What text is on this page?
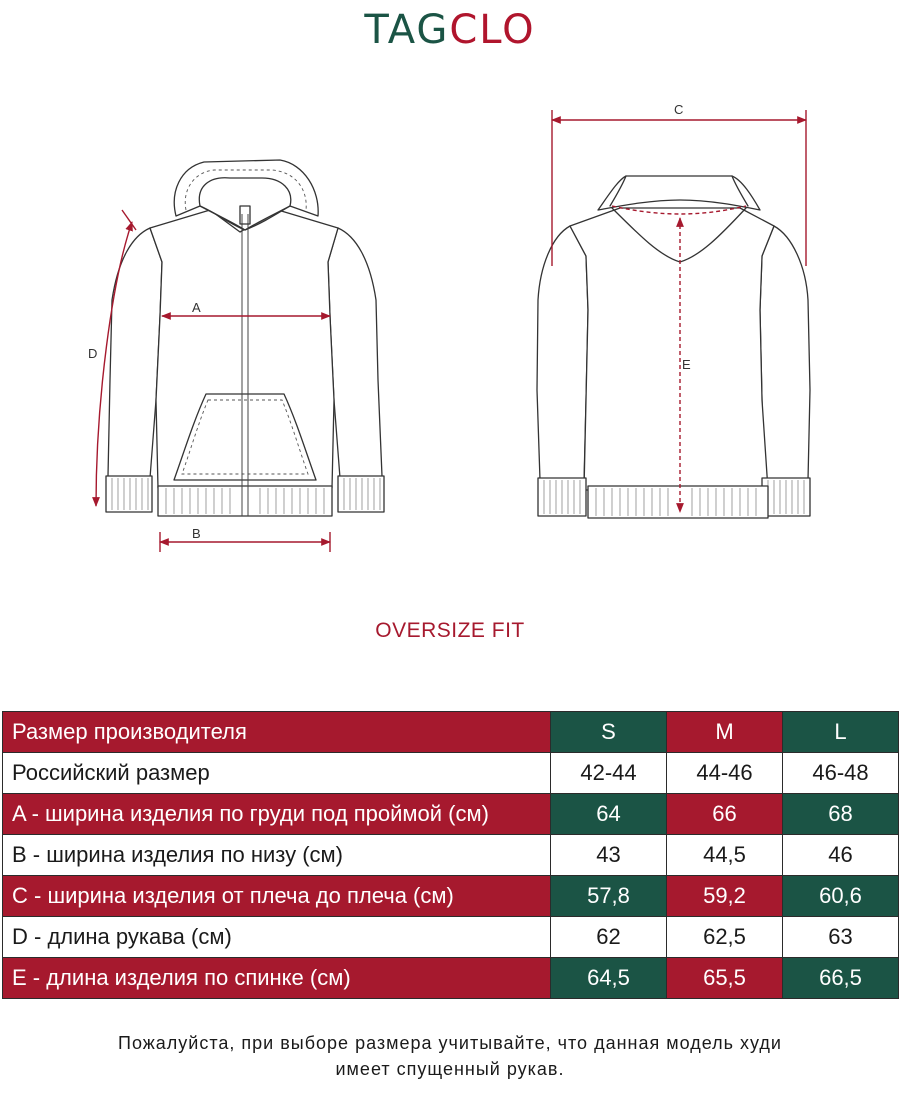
TAGCLO
A
B
D
C
E
OVERSIZE FIT
Размер производителя	S	M	L
Российский размер	42-44	44-46	46-48
A - ширина изделия по груди под проймой (см)	64	66	68
B - ширина изделия по низу (см)	43	44,5	46
C - ширина изделия от плеча до плеча (см)	57,8	59,2	60,6
D - длина рукава (см)	62	62,5	63
E - длина изделия по спинке (см)	64,5	65,5	66,5
Пожалуйста, при выборе размера учитывайте, что данная модель худи
имеет спущенный рукав.
